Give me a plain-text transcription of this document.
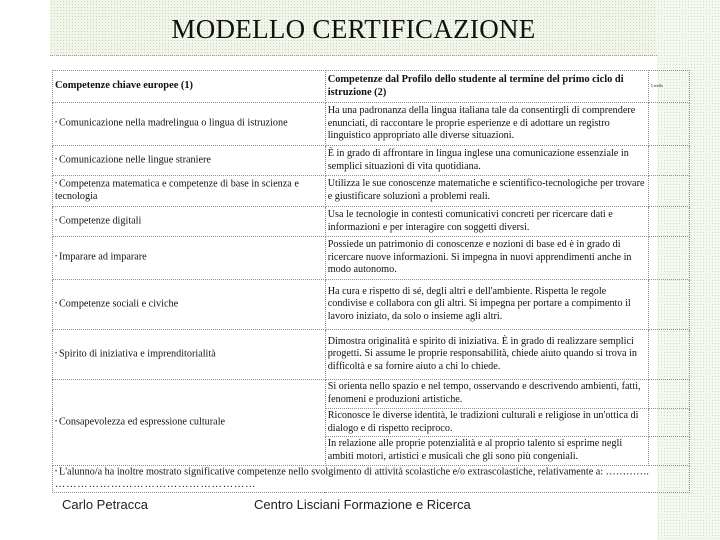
MODELLO CERTIFICAZIONE
Competenze chiave europee (1)	Competenze dal Profilo dello studente al termine del primo ciclo di istruzione (2)	Livello
• Comunicazione nella madrelingua o lingua di istruzione	Ha una padronanza della lingua italiana tale da consentirgli di comprendere enunciati, di raccontare le proprie esperienze e di adottare un registro linguistico appropriato alle diverse situazioni.	
• Comunicazione nelle lingue straniere	È in grado di affrontare in lingua inglese una comunicazione essenziale in semplici situazioni di vita quotidiana.	
• Competenza matematica e competenze di base in scienza e tecnologia	Utilizza le sue conoscenze matematiche e scientifico-tecnologiche per trovare e giustificare soluzioni a problemi reali.	
• Competenze digitali	Usa le tecnologie in contesti comunicativi concreti per ricercare dati e informazioni e per interagire con soggetti diversi.	
• Imparare ad imparare	Possiede un patrimonio di conoscenze e nozioni di base ed è in grado di ricercare nuove informazioni. Si impegna in nuovi apprendimenti anche in modo autonomo.	
• Competenze sociali e civiche	Ha cura e rispetto di sé, degli altri e dell'ambiente. Rispetta le regole condivise e collabora con gli altri. Si impegna per portare a compimento il lavoro iniziato, da solo o insieme agli altri.	
• Spirito di iniziativa e imprenditorialità	Dimostra originalità e spirito di iniziativa. È in grado di realizzare semplici progetti. Si assume le proprie responsabilità, chiede aiuto quando si trova in difficoltà e sa fornire aiuto a chi lo chiede.	
• Consapevolezza ed espressione culturale	Si orienta nello spazio e nel tempo, osservando e descrivendo ambienti, fatti, fenomeni e produzioni artistiche.	
	Riconosce le diverse identità, le tradizioni culturali e religiose in un'ottica di dialogo e di rispetto reciproco.	
	In relazione alle proprie potenzialità e al proprio talento si esprime negli ambiti motori, artistici e musicali che gli sono più congeniali.	

• L'alunno/a ha inoltre mostrato significative competenze nello svolgimento di attività scolastiche e/o extrascolastiche, relativamente a: ………….
………………………………………………		
Carlo Petracca	Centro Lisciani Formazione e Ricerca
